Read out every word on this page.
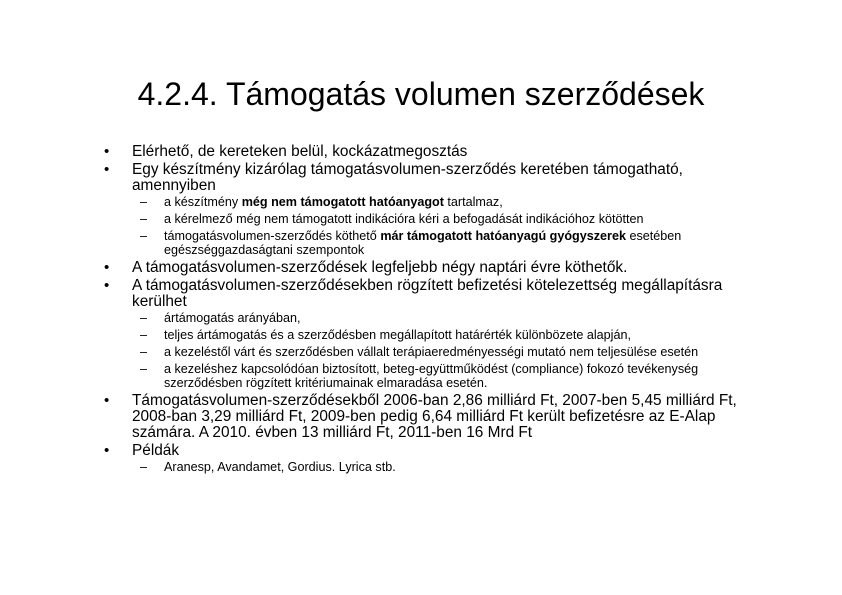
4.2.4. Támogatás volumen szerződések
• Elérhető, de kereteken belül, kockázatmegosztás
• Egy készítmény kizárólag támogatásvolumen-szerződés keretében támogatható, amennyiben
– a készítmény még nem támogatott hatóanyagot tartalmaz,
– a kérelmező még nem támogatott indikációra kéri a befogadását indikációhoz kötötten
– támogatásvolumen-szerződés köthető már támogatott hatóanyagú gyógyszerek esetében egészséggazdaságtani szempontok
• A támogatásvolumen-szerződések legfeljebb négy naptári évre köthetők.
• A támogatásvolumen-szerződésekben rögzített befizetési kötelezettség megállapításra kerülhet
– ártámogatás arányában,
– teljes ártámogatás és a szerződésben megállapított határérték különbözete alapján,
– a kezeléstől várt és szerződésben vállalt terápiaeredményességi mutató nem teljesülése esetén
– a kezeléshez kapcsolódóan biztosított, beteg-együttműködést (compliance) fokozó tevékenység szerződésben rögzített kritériumainak elmaradása esetén.
• Támogatásvolumen-szerződésekből 2006-ban 2,86 milliárd Ft, 2007-ben 5,45 milliárd Ft, 2008-ban 3,29 milliárd Ft, 2009-ben pedig 6,64 milliárd Ft került befizetésre az E-Alap számára. A 2010. évben 13 milliárd Ft, 2011-ben 16 Mrd Ft
• Példák
– Aranesp, Avandamet, Gordius. Lyrica stb.
